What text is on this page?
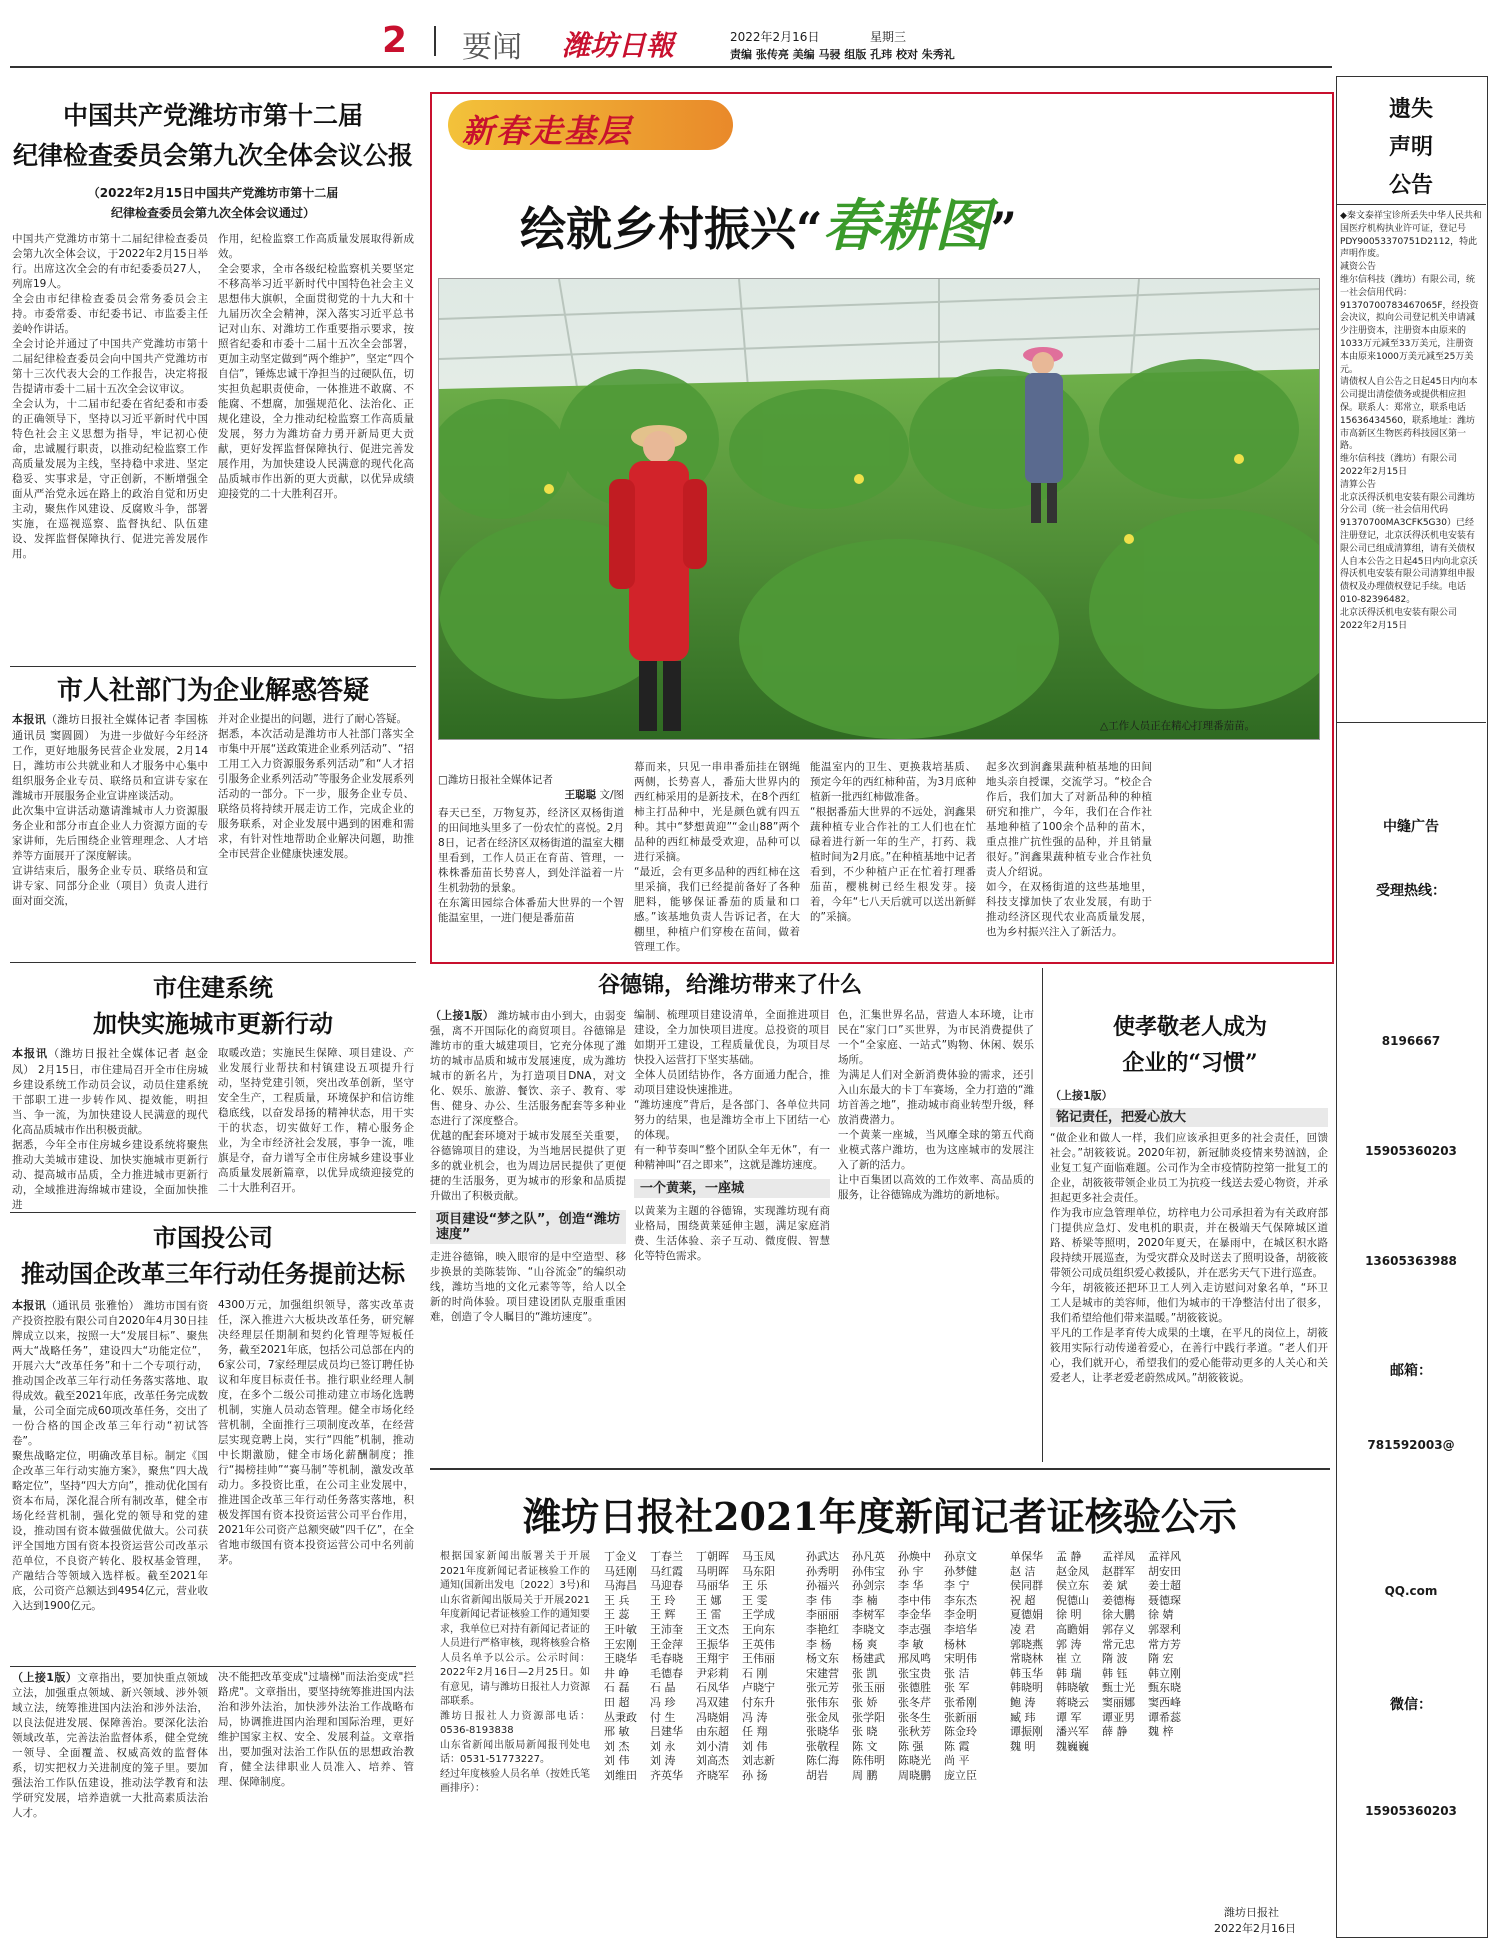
2 要闻 潍坊日報	2022年2月16日	星期三
责编 张传亮 美编 马骎 组版 孔玮 校对 朱秀礼
中国共产党潍坊市第十二届
纪律检查委员会第九次全体会议公报
（2022年2月15日中国共产党潍坊市第十二届
纪律检查委员会第九次全体会议通过）
中国共产党潍坊市第十二届纪律检查委员会第九次全体会议，于2022年2月15日举行。出席这次全会的有市纪委委员27人，列席19人。
全会由市纪律检查委员会常务委员会主持。市委常委、市纪委书记、市监委主任姜岭作讲话。
全会讨论并通过了中国共产党潍坊市第十二届纪律检查委员会向中国共产党潍坊市第十三次代表大会的工作报告，决定将报告提请市委十二届十五次全会议审议。
全会认为，十二届市纪委在省纪委和市委的正确领导下，坚持以习近平新时代中国特色社会主义思想为指导，牢记初心使命，忠诚履行职责，以推动纪检监察工作高质量发展为主线，坚持稳中求进、坚定稳妥、实事求是，守正创新，不断增强全面从严治党永远在路上的政治自觉和历史主动，聚焦作风建设、反腐败斗争，部署实施，在巡视巡察、监督执纪、队伍建设、发挥监督保障执行、促进完善发展作用。
作用，纪检监察工作高质量发展取得新成效。
全会要求，全市各级纪检监察机关要坚定不移高举习近平新时代中国特色社会主义思想伟大旗帜，全面贯彻党的十九大和十九届历次全会精神，深入落实习近平总书记对山东、对潍坊工作重要指示要求，按照省纪委和市委十二届十五次全会部署，更加主动坚定做到“两个维护”，坚定“四个自信”，锤炼忠诚干净担当的过硬队伍，切实担负起职责使命，一体推进不敢腐、不能腐、不想腐，加强规范化、法治化、正规化建设，全力推动纪检监察工作高质量发展，努力为潍坊奋力勇开新局更大贡献，更好发挥监督保障执行、促进完善发展作用，为加快建设人民满意的现代化高品质城市作出新的更大贡献，以优异成绩迎接党的二十大胜利召开。
市人社部门为企业解惑答疑
本报讯（潍坊日报社全媒体记者 李国栋 通讯员 窦圆圆） 为进一步做好今年经济工作，更好地服务民营企业发展，2月14日，潍坊市公共就业和人才服务中心集中组织服务企业专员、联络员和宣讲专家在潍城市开展服务企业宣讲座谈活动。
此次集中宣讲活动邀请潍城市人力资源服务企业和部分市直企业人力资源方面的专家讲师，先后围绕企业管理理念、人才培养等方面展开了深度解读。
宣讲结束后，服务企业专员、联络员和宣讲专家、同部分企业（项目）负责人进行面对面交流，
并对企业提出的问题，进行了耐心答疑。
据悉，本次活动是潍坊市人社部门落实全市集中开展“送政策进企业系列活动”、“招工用工入力资源服务系列活动”和“人才招引服务企业系列活动”等服务企业发展系列活动的一部分。下一步，服务企业专员、联络员将持续开展走访工作，完成企业的服务联系，对企业发展中遇到的困难和需求，有针对性地帮助企业解决问题，助推全市民营企业健康快速发展。
市住建系统
加快实施城市更新行动
本报讯（潍坊日报社全媒体记者 赵金凤） 2月15日，市住建局召开全市住房城乡建设系统工作动员会议，动员住建系统干部职工进一步转作风、提效能，明担当、争一流，为加快建设人民满意的现代化高品质城市作出积极贡献。
据悉，今年全市住房城乡建设系统将聚焦推动大美城市建设、加快实施城市更新行动、提高城市品质，全力推进城市更新行动，全域推进海绵城市建设，全面加快推进
取暖改造；实施民生保障、项目建设、产业发展行业帮扶和村镇建设五项提升行动，坚持党建引领，突出改革创新，坚守安全生产，工程质量，环境保护和信访维稳底线，以奋发昂扬的精神状态，用干实干的状态，切实做好工作，精心服务企业，为全市经济社会发展，事争一流，唯旗是夺，奋力谱写全市住房城乡建设事业高质量发展新篇章，以优异成绩迎接党的二十大胜利召开。
市国投公司
推动国企改革三年行动任务提前达标
本报讯（通讯员 张雅怡） 潍坊市国有资产投资控股有限公司自2020年4月30日挂牌成立以来，按照一大“发展目标”、聚焦两大“战略任务”，建设四大“功能定位”，开展六大“改革任务”和十二个专项行动，推动国企改革三年行动任务落实落地、取得成效。截至2021年底，改革任务完成数量，公司全面完成60项改革任务，交出了一份合格的国企改革三年行动“初试答卷”。
聚焦战略定位，明确改革目标。制定《国企改革三年行动实施方案》，聚焦“四大战略定位”，坚持“四大方向”，推动优化国有资本布局，深化混合所有制改革，健全市场化经营机制，强化党的领导和党的建设，推动国有资本做强做优做大。公司获评全国地方国有资本投资运营公司改革示范单位，不良资产转化、股权基金管理，产融结合等领域入选样板。截至2021年底，公司资产总额达到4954亿元，营业收入达到1900亿元。
4300万元，加强组织领导，落实改革责任，深入推进六大板块改革任务，研究解决经理层任期制和契约化管理等短板任务，截至2021年底，包括公司总部在内的6家公司，7家经理层成员均已签订聘任协议和年度目标责任书。推行职业经理人制度，在多个二级公司推动建立市场化选聘机制，实施人员动态管理。健全市场化经营机制，全面推行三项制度改革，在经营层实现竞聘上岗，实行“四能”机制，推动中长期激励，健全市场化薪酬制度；推行“揭榜挂帅”“赛马制”等机制，激发改革动力。多投资比重，在公司主业发展中，推进国企改革三年行动任务落实落地，积极发挥国有资本投资运营公司平台作用，2021年公司资产总额突破“四千亿”，在全省地市级国有资本投资运营公司中名列前茅。
（上接1版）文章指出，要加快重点领域立法，加强重点领域、新兴领域、涉外领域立法，统筹推进国内法治和涉外法治，以良法促进发展、保障善治。要深化法治领域改革，完善法治监督体系，健全党统一领导、全面覆盖、权威高效的监督体系，切实把权力关进制度的笼子里。要加强法治工作队伍建设，推动法学教育和法学研究发展，培养造就一大批高素质法治人才。
决不能把改革变成"过墙梯"而法治变成"拦路虎"。文章指出，要坚持统筹推进国内法治和涉外法治，加快涉外法治工作战略布局，协调推进国内治理和国际治理，更好维护国家主权、安全、发展利益。文章指出，要加强对法治工作队伍的思想政治教育，健全法律职业人员准入、培养、管理、保障制度。
新春走基层
绘就乡村振兴“春耕图”
△工作人员正在精心打理番茄苗。
□潍坊日报社全媒体记者
王聪聪 文/图
春天已至，万物复苏，经济区双杨街道的田间地头里多了一份农忙的喜悦。2月8日，记者在经济区双杨街道的温室大棚里看到，工作人员正在育苗、管理，一株株番茄苗长势喜人，到处洋溢着一片生机勃勃的景象。
在东篱田园综合体番茄大世界的一个智能温室里，一进门便是番茄苗
幕而来，只见一串串番茄挂在钢绳两侧，长势喜人，番茄大世界内的西红柿采用的是新技术，在8个西红柿主打品种中，光是颜色就有四五种。其中“梦想黄迎”“金山88”两个品种的西红柿最受欢迎，品种可以进行采摘。
“最近，会有更多品种的西红柿在这里采摘，我们已经提前备好了各种肥料，能够保证番茄的质量和口感。”该基地负责人告诉记者，在大棚里，种植户们穿梭在苗间，做着管理工作。
能温室内的卫生、更换栽培基质、预定今年的西红柿种苗，为3月底种植新一批西红柿做准备。
“根据番茄大世界的不远处，润鑫果蔬种植专业合作社的工人们也在忙碌着进行新一年的生产，打药、栽植时间为2月底。”在种植基地中记者看到，不少种植户正在忙着打理番茄苗，樱桃树已经生根发芽。接着，今年“七八天后就可以送出新鲜的”采摘。
起多次到润鑫果蔬种植基地的田间地头亲自授课，交流学习。“校企合作后，我们加大了对新品种的种植研究和推广，今年，我们在合作社基地种植了100余个品种的苗木，重点推广抗性强的品种，并且销量很好。”润鑫果蔬种植专业合作社负责人介绍说。
如今，在双杨街道的这些基地里，科技支撑加快了农业发展，有助于推动经济区现代农业高质量发展，也为乡村振兴注入了新活力。
谷德锦，给潍坊带来了什么
（上接1版） 潍坊城市由小到大，由弱变强，离不开国际化的商贸项目。谷德锦是潍坊市的重大城建项目，它充分体现了潍坊的城市品质和城市发展速度，成为潍坊城市的新名片，为打造项目DNA，对文化、娱乐、旅游、餐饮、亲子、教育、零售、健身、办公、生活服务配套等多种业态进行了深度整合。
优越的配套环境对于城市发展至关重要，谷德锦项目的建设，为当地居民提供了更多的就业机会，也为周边居民提供了更便捷的生活服务，更为城市的形象和品质提升做出了积极贡献。
项目建设“梦之队”，创造“潍坊速度”
走进谷德锦，映入眼帘的是中空造型、移步换景的美陈装饰、“山谷流金”的编织动线，潍坊当地的文化元素等等，给人以全新的时尚体验。项目建设团队克服重重困难，创造了令人瞩目的“潍坊速度”。
编制、梳理项目建设清单，全面推进项目建设，全力加快项目进度。总投资的项目如期开工建设，工程质量优良，为项目尽快投入运营打下坚实基础。
全体人员团结协作，各方面通力配合，推动项目建设快速推进。
“潍坊速度”背后，是各部门、各单位共同努力的结果，也是潍坊全市上下团结一心的体现。
有一种节奏叫“整个团队全年无休”，有一种精神叫“召之即来”，这就是潍坊速度。
一个黄莱，一座城
以黄莱为主题的谷德锦，实现潍坊现有商业格局，围绕黄莱延伸主题，满足家庭消费、生活体验、亲子互动、微度假、智慧化等特色需求。
色，汇集世界名品，营造人本环境，让市民在“家门口”买世界，为市民消费提供了一个“全家庭、一站式”购物、休闲、娱乐场所。
为满足人们对全新消费体验的需求，还引入山东最大的卡丁车赛场，全力打造的“潍坊首善之地”，推动城市商业转型升级，释放消费潜力。
一个黄莱一座城，当风靡全球的第五代商业模式落户潍坊，也为这座城市的发展注入了新的活力。
让中百集团以高效的工作效率、高品质的服务，让谷德锦成为潍坊的新地标。
使孝敬老人成为
企业的“习惯”
（上接1版）
铭记责任，把爱心放大
“做企业和做人一样，我们应该承担更多的社会责任，回馈社会。”胡筱筱说。2020年初，新冠肺炎疫情来势汹汹，企业复工复产面临难题。公司作为全市疫情防控第一批复工的企业，胡筱筱带领企业员工为抗疫一线送去爱心物资，并承担起更多社会责任。
作为我市应急管理单位，坊梓电力公司承担着为有关政府部门提供应急灯、发电机的职责，并在极端天气保障城区道路、桥梁等照明，2020年夏天，在暴雨中，在城区积水路段持续开展巡查，为受灾群众及时送去了照明设备，胡筱筱带领公司成员组织爱心救援队，并在恶劣天气下进行巡查。
今年，胡筱筱还把环卫工人列入走访慰问对象名单，“环卫工人是城市的美容师，他们为城市的干净整洁付出了很多，我们希望给他们带来温暖。”胡筱筱说。
平凡的工作是孝育传大成果的土壤，在平凡的岗位上，胡筱筱用实际行动传递着爱心，在善行中践行孝道。“老人们开心，我们就开心，希望我们的爱心能带动更多的人关心和关爱老人，让孝老爱老蔚然成风。”胡筱筱说。
潍坊日报社2021年度新闻记者证核验公示
根据国家新闻出版署关于开展2021年度新闻记者证核验工作的通知(国新出发电〔2022〕3号)和山东省新闻出版局关于开展2021年度新闻记者证核验工作的通知要求，我单位已对持有新闻记者证的人员进行严格审核，现将核验合格人员名单予以公示。公示时间：2022年2月16日—2月25日。如有意见，请与潍坊日报社人力资源部联系。
潍坊日报社人力资源部电话：0536-8193838
山东省新闻出版局新闻报刊处电话：0531-51773227。
经过年度核验人员名单（按姓氏笔画排序）：
丁金义
马廷刚
马海昌
王 兵
王 蕊
王叶敏
王宏刚
王晓华
井 峥
石 磊
田 超
丛秉政
邢 敏
刘 杰
刘 伟
刘维田
丁春兰
马红霞
马迎春
王 玲
王 辉
王沛奎
王金萍
毛春晓
毛德春
石 晶
冯 珍
付 生
吕建华
刘 永
刘 涛
齐英华
丁朝晖
马明晖
马丽华
王 娜
王 雷
王文杰
王振华
王翔宇
尹彩莉
石凤华
冯双建
冯晓娟
由东超
刘小清
刘高杰
齐晓军
马玉凤
马东阳
王 乐
王 雯
王学成
王向东
王英伟
王伟丽
石 刚
卢晓宁
付东升
冯 涛
任 翔
刘 伟
刘志新
孙 扬
孙武达
孙秀明
孙福兴
李 伟
李丽丽
李艳红
李 杨
杨文东
宋建营
张元芳
张伟东
张金凤
张晓华
张敬程
陈仁海
胡岩
孙凡英
孙伟宝
孙剑宗
李 楠
李树军
李晓文
杨 爽
杨建武
张 凯
张玉丽
张 娇
张学阳
张 晓
陈 文
陈伟明
周 鹏
孙焕中
孙 宇
李 华
李中伟
李金华
李志强
李 敏
邢凤鸣
张宝贵
张德胜
张冬芹
张冬生
张秋芳
陈 强
陈晓光
周晓鹏
孙京文
孙梦健
李 宁
李东杰
李金明
李培华
杨林
宋明伟
张 洁
张 军
张希刚
张新丽
陈金玲
陈 霞
尚 平
庞立臣
单保华
赵 洁
侯同群
祝 超
夏德娟
凌 君
郭晓燕
常晓林
韩玉华
韩晓明
鲍 涛
臧 玮
谭振刚
魏 明
孟 静
赵金凤
侯立东
倪德山
徐 明
高瞻娟
郭 涛
崔 立
韩 瑞
韩晓敏
蒋晓云
谭 军
潘兴军
魏巍巍
孟祥凤
赵群军
姜 斌
姜德梅
徐大鹏
郭存义
常元忠
隋 波
韩 钰
甄士光
窦丽娜
谭亚男
薛 静
孟祥风
胡安田
姜士超
聂德琛
徐 婧
郭翠利
常方芳
隋 宏
韩立刚
甄东晓
窦西峰
谭希蕊
魏 梓
潍坊日报社
2022年2月16日
遗失
声明
公告
◆秦文泰祥宝诊所丢失中华人民共和国医疗机构执业许可证，登记号PDY90053370751D2112，特此声明作废。
减资公告
维尔信科技（潍坊）有限公司，统一社会信用代码：91370700783467065F，经投资会决议，拟向公司登记机关申请减少注册资本，注册资本由原来的1033万元减至33万美元，注册资本由原来1000万美元减至25万美元。
请债权人自公告之日起45日内向本公司提出清偿债务或提供相应担保。联系人：郑常立，联系电话15636434560，联系地址：潍坊市高新区生物医药科技园区第一路。
维尔信科技（潍坊）有限公司
2022年2月15日
清算公告
北京沃得沃机电安装有限公司潍坊分公司（统一社会信用代码91370700MA3CFK5G30）已经注册登记，北京沃得沃机电安装有限公司已组成清算组，请有关债权人自本公告之日起45日内向北京沃得沃机电安装有限公司清算组申报债权及办理债权登记手续。电话010-82396482。
北京沃得沃机电安装有限公司
2022年2月15日
中缝广告
受理热线：
8196667
15905360203
13605363988
邮箱：
781592003@
QQ.com
微信：
15905360203
